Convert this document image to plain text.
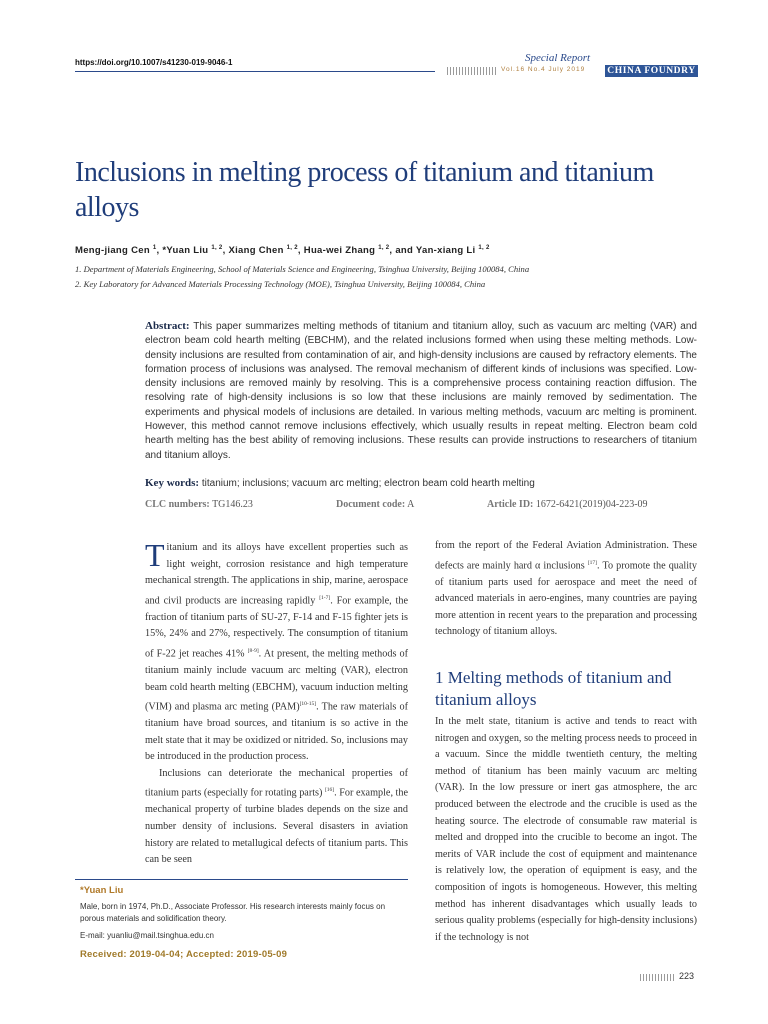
https://doi.org/10.1007/s41230-019-9046-1	Special Report
Vol.16 No.4 July 2019 CHINA FOUNDRY
Inclusions in melting process of titanium and titanium alloys
Meng-jiang Cen $^1$, *Yuan Liu $^{1, 2}$, Xiang Chen $^{1, 2}$, Hua-wei Zhang $^{1, 2}$, and Yan-xiang Li $^{1, 2}$
1. Department of Materials Engineering, School of Materials Science and Engineering, Tsinghua University, Beijing 100084, China
2. Key Laboratory for Advanced Materials Processing Technology (MOE), Tsinghua University, Beijing 100084, China
Abstract: This paper summarizes melting methods of titanium and titanium alloy, such as vacuum arc melting (VAR) and electron beam cold hearth melting (EBCHM), and the related inclusions formed when using these melting methods. Low-density inclusions are resulted from contamination of air, and high-density inclusions are caused by refractory elements. The formation process of inclusions was analysed. The removal mechanism of different kinds of inclusions was specified. Low-density inclusions are removed mainly by resolving. This is a comprehensive process containing reaction diffusion. The resolving rate of high-density inclusions is so low that these inclusions are mainly removed by sedimentation. The experiments and physical models of inclusions are detailed. In various melting methods, vacuum arc melting is prominent. However, this method cannot remove inclusions effectively, which usually results in repeat melting. Electron beam cold hearth melting has the best ability of removing inclusions. These results can provide instructions to researchers of titanium and titanium alloys.
Key words: titanium; inclusions; vacuum arc melting; electron beam cold hearth melting
CLC numbers: TG146.23	Document code: A	Article ID: 1672-6421(2019)04-223-09

Titanium and its alloys have excellent properties such as light weight, corrosion resistance and high temperature mechanical strength. The applications in ship, marine, aerospace and civil products are increasing rapidly [1-7]. For example, the fraction of titanium parts of SU-27, F-14 and F-15 fighter jets is 15%, 24% and 27%, respectively. The consumption of titanium of F-22 jet reaches 41% [8-9]. At present, the melting methods of titanium mainly include vacuum arc melting (VAR), electron beam cold hearth melting (EBCHM), vacuum induction melting (VIM) and plasma arc meting (PAM)[10-15]. The raw materials of titanium have broad sources, and titanium is so active in the melt state that it may be oxidized or nitrided. So, inclusions may be introduced in the production process.

Inclusions can deteriorate the mechanical properties of titanium parts (especially for rotating parts) [16]. For example, the mechanical property of turbine blades depends on the size and number density of inclusions. Several disasters in aviation history are related to metallugical defects of titanium parts. This can be seen

from the report of the Federal Aviation Administration. These defects are mainly hard α inclusions [17]. To promote the quality of titanium parts used for aerospace and meet the need of advanced materials in aero-engines, many countries are paying more attention in recent years to the preparation and processing technology of titanium alloys.

1 Melting methods of titanium and titanium alloys

In the melt state, titanium is active and tends to react with nitrogen and oxygen, so the melting process needs to proceed in a vacuum. Since the middle twentieth century, the melting method of titanium has been mainly vacuum arc melting (VAR). In the low pressure or inert gas atmosphere, the arc produced between the electrode and the crucible is used as the heating source. The electrode of consumable raw material is melted and dropped into the crucible to become an ingot. The merits of VAR include the cost of equipment and maintenance is relatively low, the operation of equipment is easy, and the composition of ingots is homogeneous. However, this melting method has inherent disadvantages which usually leads to serious quality problems (especially for high-density inclusions) if the technology is not

*Yuan Liu
Male, born in 1974, Ph.D., Associate Professor. His research interests mainly focus on porous materials and solidification theory.
E-mail: yuanliu@mail.tsinghua.edu.cn
Received: 2019-04-04; Accepted: 2019-05-09
223
